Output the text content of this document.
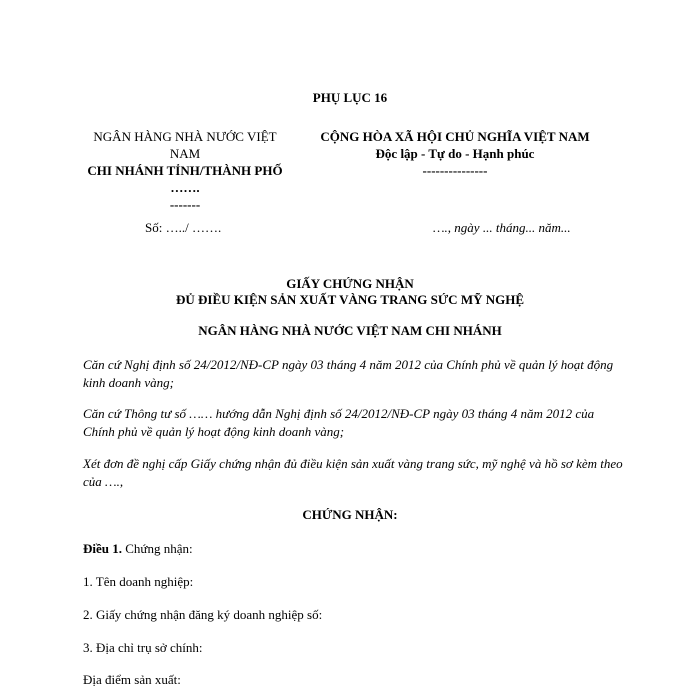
PHỤ LỤC 16
NGÂN HÀNG NHÀ NƯỚC VIỆT
NAM
CHI NHÁNH TỈNH/THÀNH PHỐ
…….
-------
CỘNG HÒA XÃ HỘI CHỦ NGHĨA VIỆT NAM
Độc lập - Tự do - Hạnh phúc
---------------
Số: …../ …….	…., ngày ... tháng... năm...
GIẤY CHỨNG NHẬN
ĐỦ ĐIỀU KIỆN SẢN XUẤT VÀNG TRANG SỨC MỸ NGHỆ
NGÂN HÀNG NHÀ NƯỚC VIỆT NAM CHI NHÁNH
Căn cứ Nghị định số 24/2012/NĐ-CP ngày 03 tháng 4 năm 2012 của Chính phủ về quản lý hoạt động kinh doanh vàng;
Căn cứ Thông tư số …… hướng dẫn Nghị định số 24/2012/NĐ-CP ngày 03 tháng 4 năm 2012 của Chính phủ về quản lý hoạt động kinh doanh vàng;
Xét đơn đề nghị cấp Giấy chứng nhận đủ điều kiện sản xuất vàng trang sức, mỹ nghệ và hồ sơ kèm theo của ….,
CHỨNG NHẬN:
Điều 1. Chứng nhận:
1. Tên doanh nghiệp:
2. Giấy chứng nhận đăng ký doanh nghiệp số:
3. Địa chỉ trụ sở chính:
Địa điểm sản xuất:
